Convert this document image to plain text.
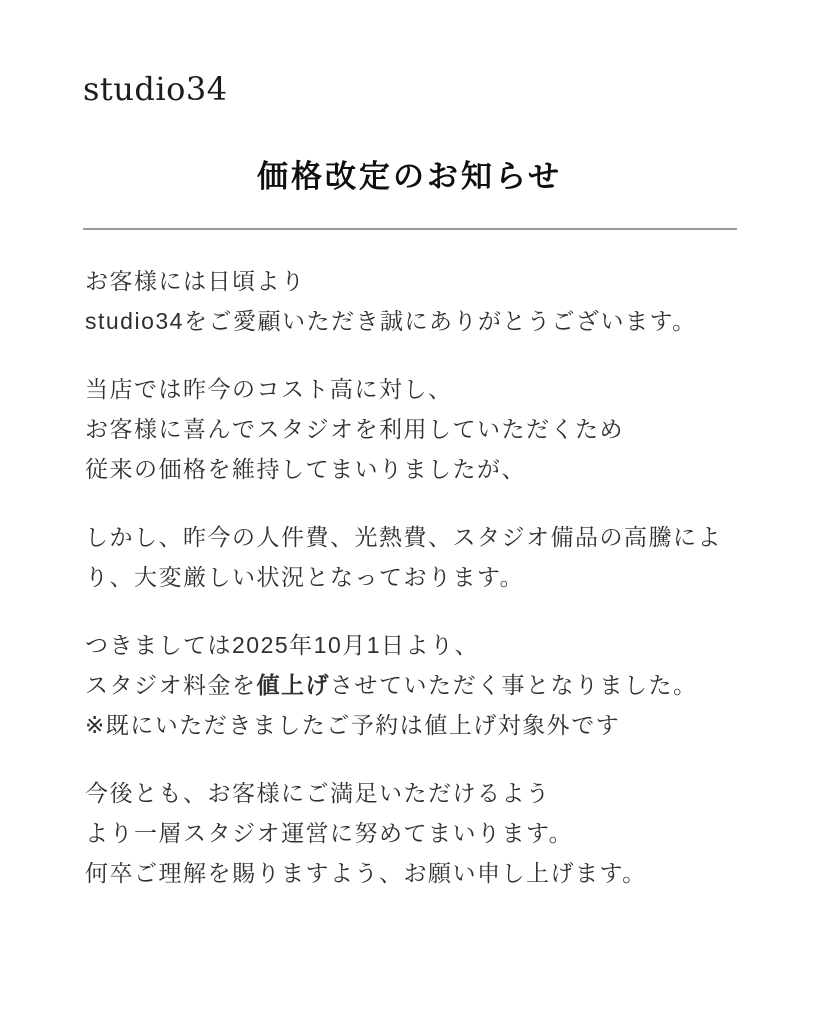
studio34
価格改定のお知らせ

お客様には日頃より
studio34をご愛顧いただき誠にありがとうございます。

当店では昨今のコスト高に対し、
お客様に喜んでスタジオを利用していただくため
従来の価格を維持してまいりましたが、

しかし、昨今の人件費、光熱費、スタジオ備品の高騰によ
り、大変厳しい状況となっております。

つきましては2025年10月1日より、
スタジオ料金を値上げさせていただく事となりました。
※既にいただきましたご予約は値上げ対象外です

今後とも、お客様にご満足いただけるよう
より一層スタジオ運営に努めてまいります。
何卒ご理解を賜りますよう、お願い申し上げます。
